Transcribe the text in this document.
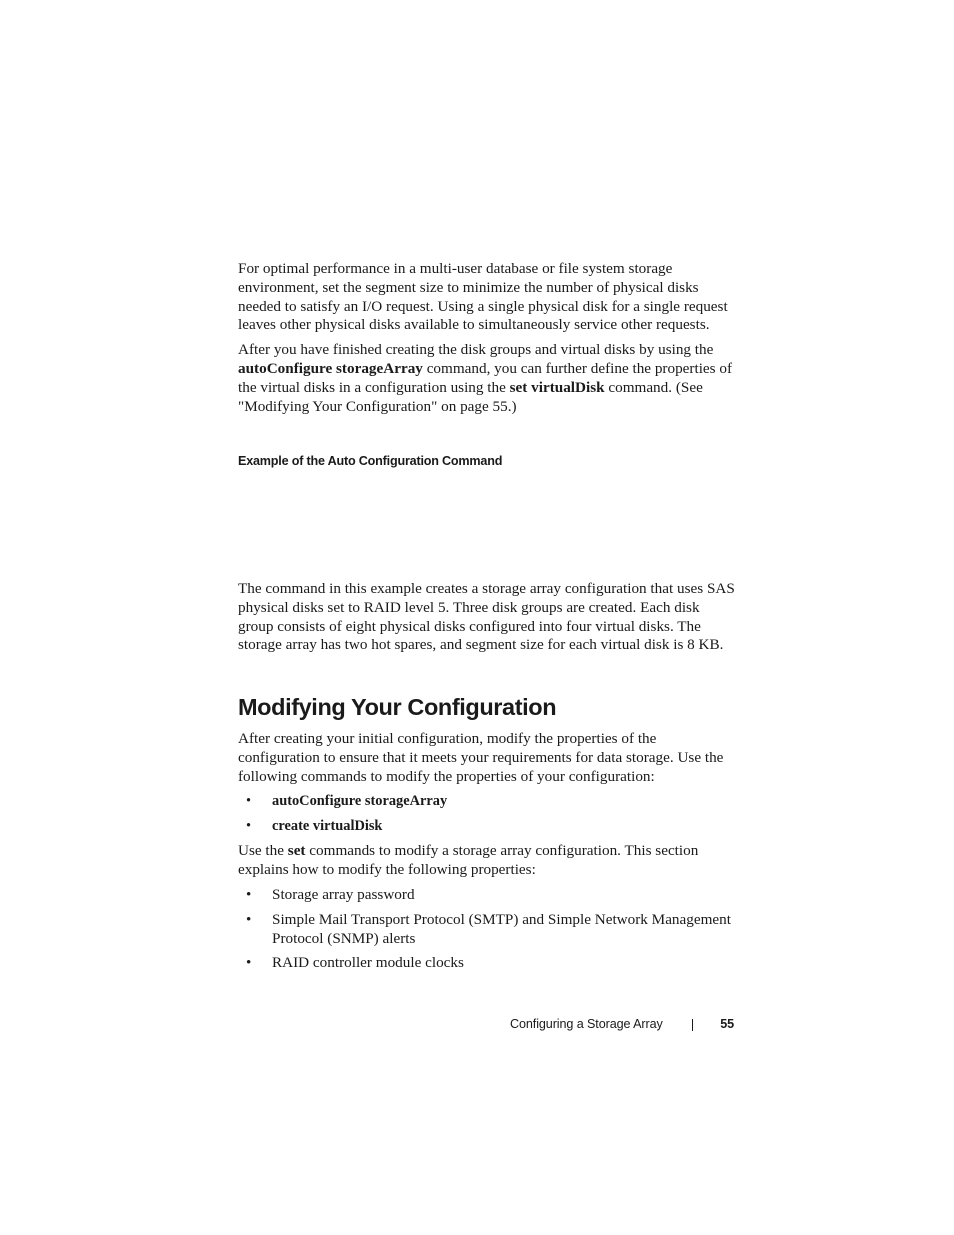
For optimal performance in a multi-user database or file system storage environment, set the segment size to minimize the number of physical disks needed to satisfy an I/O request. Using a single physical disk for a single request leaves other physical disks available to simultaneously service other requests.

After you have finished creating the disk groups and virtual disks by using the autoConfigure storageArray command, you can further define the properties of the virtual disks in a configuration using the set virtualDisk command. (See "Modifying Your Configuration" on page 55.)

Example of the Auto Configuration Command

The command in this example creates a storage array configuration that uses SAS physical disks set to RAID level 5. Three disk groups are created. Each disk group consists of eight physical disks configured into four virtual disks. The storage array has two hot spares, and segment size for each virtual disk is 8 KB.

Modifying Your Configuration

After creating your initial configuration, modify the properties of the configuration to ensure that it meets your requirements for data storage. Use the following commands to modify the properties of your configuration:

• autoConfigure storageArray
• create virtualDisk

Use the set commands to modify a storage array configuration. This section explains how to modify the following properties:

• Storage array password
• Simple Mail Transport Protocol (SMTP) and Simple Network Management Protocol (SNMP) alerts
• RAID controller module clocks
Configuring a Storage Array	55
